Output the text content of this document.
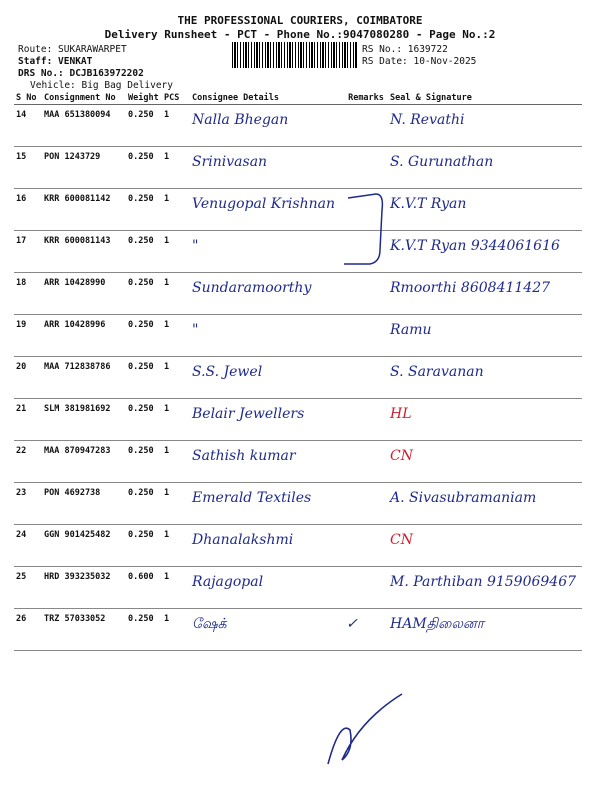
THE PROFESSIONAL COURIERS, COIMBATORE
Delivery Runsheet - PCT - Phone No.:9047080280 - Page No.:2
Route: SUKARAWARPET
Staff: VENKAT
DRS No.: DCJB163972202
Vehicle: Big Bag Delivery
RS No.: 1639722
RS Date: 10-Nov-2025
S No	Consignment No	Weight	PCS	Consignee Details	Remarks	Seal & Signature
14	MAA 651380094	0.250	1	Nalla Bhegan		N. Revathi
15	PON 1243729	0.250	1	Srinivasan		S. Gurunathan
16	KRR 600081142	0.250	1	Venugopal Krishnan		K.V.T Ryan
17	KRR 600081143	0.250	1	"		K.V.T Ryan 9344061616
18	ARR 10428990	0.250	1	Sundaramoorthy		Rmoorthi 8608411427
19	ARR 10428996	0.250	1	"		Ramu
20	MAA 712838786	0.250	1	S.S. Jewel		S. Saravanan
21	SLM 381981692	0.250	1	Belair Jewellers		HL
22	MAA 870947283	0.250	1	Sathish kumar		CN
23	PON 4692738	0.250	1	Emerald Textiles		A. Sivasubramaniam
24	GGN 901425482	0.250	1	Dhanalakshmi		CN
25	HRD 393235032	0.600	1	Rajagopal		M. Parthiban 9159069467
26	TRZ 57033052	0.250	1	ஷேக்	✓	HAMதிலைனா
